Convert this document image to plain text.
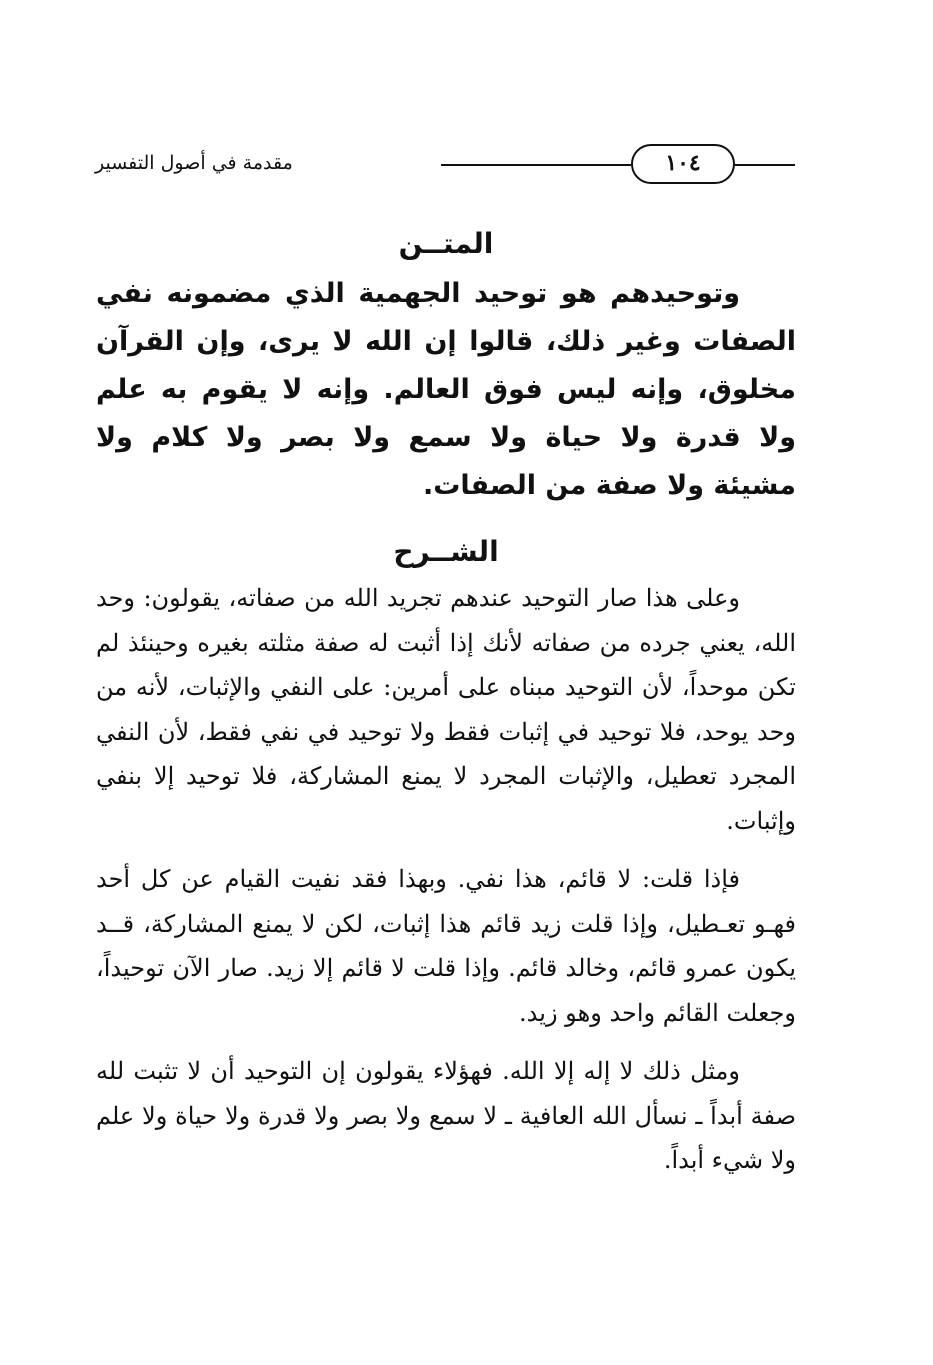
١٠٤
مقدمة في أصول التفسير
المتــن

وتوحيدهم هو توحيد الجهمية الذي مضمونه نفي الصفات وغير ذلك، قالوا إن الله لا يرى، وإن القرآن مخلوق، وإنه ليس فوق العالم. وإنه لا يقوم به علم ولا قدرة ولا حياة ولا سمع ولا بصر ولا كلام ولا مشيئة ولا صفة من الصفات.

الشــرح

وعلى هذا صار التوحيد عندهم تجريد الله من صفاته، يقولون: وحد الله، يعني جرده من صفاته لأنك إذا أثبت له صفة مثلته بغيره وحينئذ لم تكن موحداً، لأن التوحيد مبناه على أمرين: على النفي والإثبات، لأنه من وحد يوحد، فلا توحيد في إثبات فقط ولا توحيد في نفي فقط، لأن النفي المجرد تعطيل، والإثبات المجرد لا يمنع المشاركة، فلا توحيد إلا بنفي وإثبات.

فإذا قلت: لا قائم، هذا نفي. وبهذا فقد نفيت القيام عن كل أحد فهـو تعـطيل، وإذا قلت زيد قائم هذا إثبات، لكن لا يمنع المشاركة، قــد يكون عمرو قائم، وخالد قائم. وإذا قلت لا قائم إلا زيد. صار الآن توحيداً، وجعلت القائم واحد وهو زيد.

ومثل ذلك لا إله إلا الله. فهؤلاء يقولون إن التوحيد أن لا تثبت لله صفة أبداً ـ نسأل الله العافية ـ لا سمع ولا بصر ولا قدرة ولا حياة ولا علم ولا شيء أبداً.
